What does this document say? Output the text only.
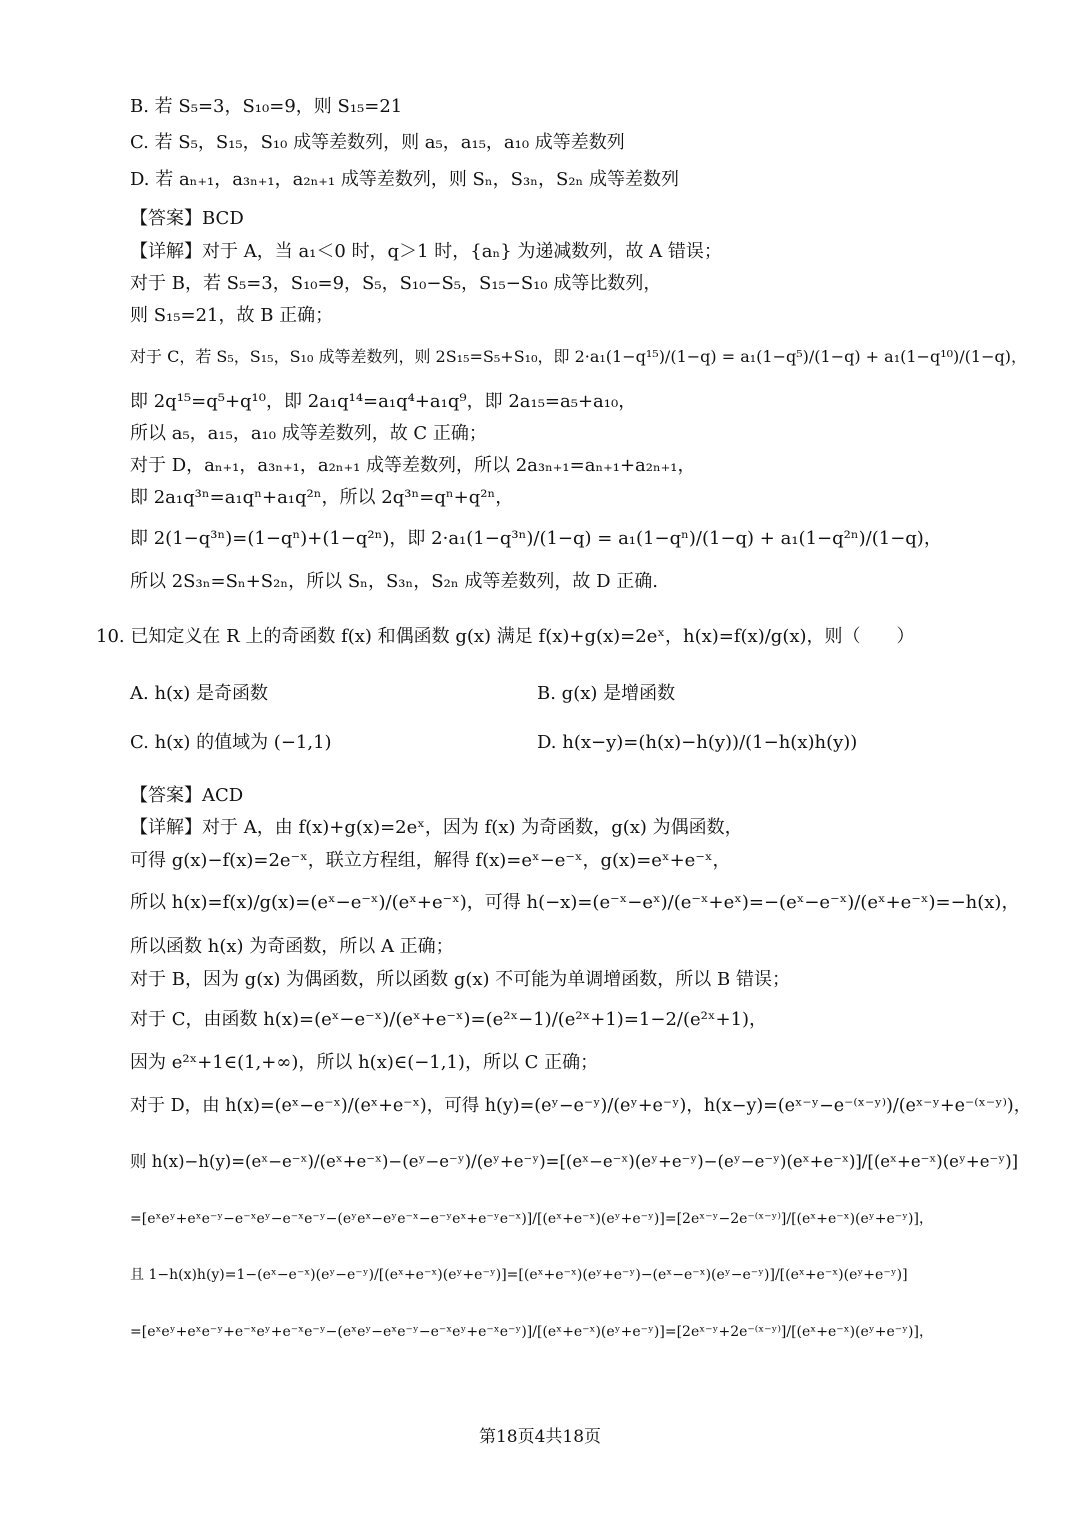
B. 若 S₅=3，S₁₀=9，则 S₁₅=21
C. 若 S₅，S₁₅，S₁₀ 成等差数列，则 a₅，a₁₅，a₁₀ 成等差数列
D. 若 aₙ₊₁，a₃ₙ₊₁，a₂ₙ₊₁ 成等差数列，则 Sₙ，S₃ₙ，S₂ₙ 成等差数列
【答案】BCD
【详解】对于 A，当 a₁＜0 时，q＞1 时，{aₙ} 为递减数列，故 A 错误；
对于 B，若 S₅=3，S₁₀=9，S₅，S₁₀−S₅，S₁₅−S₁₀ 成等比数列，
则 S₁₅=21，故 B 正确；
对于 C，若 S₅，S₁₅，S₁₀ 成等差数列，则 2S₁₅=S₅+S₁₀，即 2·a₁(1−q¹⁵)/(1−q) = a₁(1−q⁵)/(1−q) + a₁(1−q¹⁰)/(1−q)，
即 2q¹⁵=q⁵+q¹⁰，即 2a₁q¹⁴=a₁q⁴+a₁q⁹，即 2a₁₅=a₅+a₁₀，
所以 a₅，a₁₅，a₁₀ 成等差数列，故 C 正确；
对于 D，aₙ₊₁，a₃ₙ₊₁，a₂ₙ₊₁ 成等差数列，所以 2a₃ₙ₊₁=aₙ₊₁+a₂ₙ₊₁，
即 2a₁q³ⁿ=a₁qⁿ+a₁q²ⁿ，所以 2q³ⁿ=qⁿ+q²ⁿ，
即 2(1−q³ⁿ)=(1−qⁿ)+(1−q²ⁿ)，即 2·a₁(1−q³ⁿ)/(1−q) = a₁(1−qⁿ)/(1−q) + a₁(1−q²ⁿ)/(1−q)，
所以 2S₃ₙ=Sₙ+S₂ₙ，所以 Sₙ，S₃ₙ，S₂ₙ 成等差数列，故 D 正确.
10. 已知定义在 R 上的奇函数 f(x) 和偶函数 g(x) 满足 f(x)+g(x)=2eˣ，h(x)=f(x)/g(x)，则（　　）
A. h(x) 是奇函数	B. g(x) 是增函数
C. h(x) 的值域为 (−1,1)	D. h(x−y)=(h(x)−h(y))/(1−h(x)h(y))
【答案】ACD
【详解】对于 A，由 f(x)+g(x)=2eˣ，因为 f(x) 为奇函数，g(x) 为偶函数，
可得 g(x)−f(x)=2e⁻ˣ，联立方程组，解得 f(x)=eˣ−e⁻ˣ，g(x)=eˣ+e⁻ˣ，
所以 h(x)=f(x)/g(x)=(eˣ−e⁻ˣ)/(eˣ+e⁻ˣ)，可得 h(−x)=(e⁻ˣ−eˣ)/(e⁻ˣ+eˣ)=−(eˣ−e⁻ˣ)/(eˣ+e⁻ˣ)=−h(x)，
所以函数 h(x) 为奇函数，所以 A 正确；
对于 B，因为 g(x) 为偶函数，所以函数 g(x) 不可能为单调增函数，所以 B 错误；
对于 C，由函数 h(x)=(eˣ−e⁻ˣ)/(eˣ+e⁻ˣ)=(e²ˣ−1)/(e²ˣ+1)=1−2/(e²ˣ+1)，
因为 e²ˣ+1∈(1,+∞)，所以 h(x)∈(−1,1)，所以 C 正确；
对于 D，由 h(x)=(eˣ−e⁻ˣ)/(eˣ+e⁻ˣ)，可得 h(y)=(eʸ−e⁻ʸ)/(eʸ+e⁻ʸ)，h(x−y)=(eˣ⁻ʸ−e⁻⁽ˣ⁻ʸ⁾)/(eˣ⁻ʸ+e⁻⁽ˣ⁻ʸ⁾)，
则 h(x)−h(y)=(eˣ−e⁻ˣ)/(eˣ+e⁻ˣ)−(eʸ−e⁻ʸ)/(eʸ+e⁻ʸ)=[(eˣ−e⁻ˣ)(eʸ+e⁻ʸ)−(eʸ−e⁻ʸ)(eˣ+e⁻ˣ)]/[(eˣ+e⁻ˣ)(eʸ+e⁻ʸ)]
=[eˣeʸ+eˣe⁻ʸ−e⁻ˣeʸ−e⁻ˣe⁻ʸ−(eʸeˣ−eʸe⁻ˣ−e⁻ʸeˣ+e⁻ʸe⁻ˣ)]/[(eˣ+e⁻ˣ)(eʸ+e⁻ʸ)]=[2eˣ⁻ʸ−2e⁻⁽ˣ⁻ʸ⁾]/[(eˣ+e⁻ˣ)(eʸ+e⁻ʸ)]，
且 1−h(x)h(y)=1−(eˣ−e⁻ˣ)(eʸ−e⁻ʸ)/[(eˣ+e⁻ˣ)(eʸ+e⁻ʸ)]=[(eˣ+e⁻ˣ)(eʸ+e⁻ʸ)−(eˣ−e⁻ˣ)(eʸ−e⁻ʸ)]/[(eˣ+e⁻ˣ)(eʸ+e⁻ʸ)]
=[eˣeʸ+eˣe⁻ʸ+e⁻ˣeʸ+e⁻ˣe⁻ʸ−(eˣeʸ−eˣe⁻ʸ−e⁻ˣeʸ+e⁻ˣe⁻ʸ)]/[(eˣ+e⁻ˣ)(eʸ+e⁻ʸ)]=[2eˣ⁻ʸ+2e⁻⁽ˣ⁻ʸ⁾]/[(eˣ+e⁻ˣ)(eʸ+e⁻ʸ)]，
第18页4共18页
